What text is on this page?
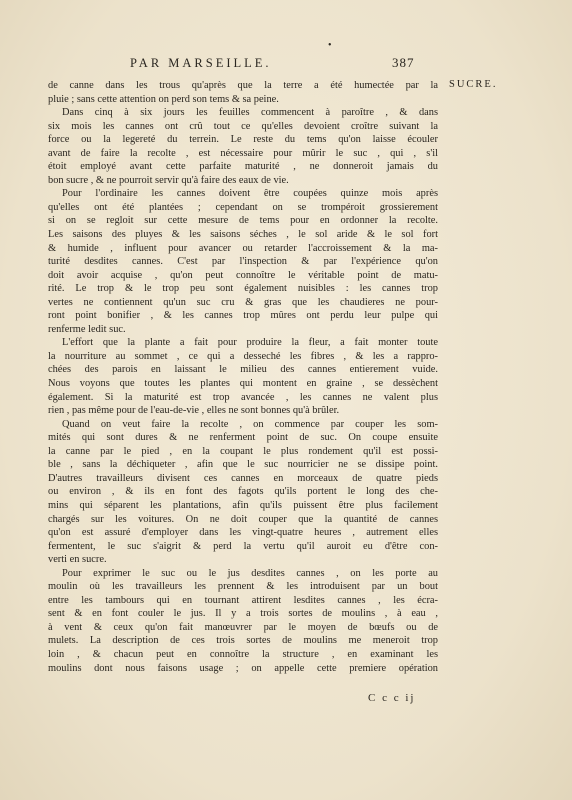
•
PAR MARSEILLE.	387
SUCRE.
de canne dans les trous qu'après que la terre a été humectée par la
pluie ; sans cette attention on perd son tems & sa peine.
Dans cinq à six jours les feuilles commencent à paroître , & dans
six mois les cannes ont crû tout ce qu'elles devoient croître suivant la
force ou la legereté du terrein. Le reste du tems qu'on laisse écouler
avant de faire la recolte , est nécessaire pour mûrir le suc , qui , s'il
étoit employé avant cette parfaite maturité , ne donneroit jamais du
bon sucre , & ne pourroit servir qu'à faire des eaux de vie.
Pour l'ordinaire les cannes doivent être coupées quinze mois après
qu'elles ont été plantées ; cependant on se trompéroit grossierement
si on se regloit sur cette mesure de tems pour en ordonner la recolte.
Les saisons des pluyes & les saisons séches , le sol aride & le sol fort
& humide , influent pour avancer ou retarder l'accroissement & la ma-
turité desdites cannes. C'est par l'inspection & par l'expérience qu'on
doit avoir acquise , qu'on peut connoître le véritable point de matu-
rité. Le trop & le trop peu sont également nuisibles : les cannes trop
vertes ne contiennent qu'un suc cru & gras que les chaudieres ne pour-
ront point bonifier , & les cannes trop mûres ont perdu leur pulpe qui
renferme ledit suc.
L'effort que la plante a fait pour produire la fleur, a fait monter toute
la nourriture au sommet , ce qui a desseché les fibres , & les a rappro-
chées des parois en laissant le milieu des cannes entierement vuide.
Nous voyons que toutes les plantes qui montent en graine , se dessèchent
également. Si la maturité est trop avancée , les cannes ne valent plus
rien , pas même pour de l'eau-de-vie , elles ne sont bonnes qu'à brûler.
Quand on veut faire la recolte , on commence par couper les som-
mités qui sont dures & ne renferment point de suc. On coupe ensuite
la canne par le pied , en la coupant le plus rondement qu'il est possi-
ble , sans la déchiqueter , afin que le suc nourricier ne se dissipe point.
D'autres travailleurs divisent ces cannes en morceaux de quatre pieds
ou environ , & ils en font des fagots qu'ils portent le long des che-
mins qui séparent les plantations, afin qu'ils puissent être plus facilement
chargés sur les voitures. On ne doit couper que la quantité de cannes
qu'on est assuré d'employer dans les vingt-quatre heures , autrement elles
fermentent, le suc s'aigrit & perd la vertu qu'il auroit eu d'être con-
verti en sucre.
Pour exprimer le suc ou le jus desdites cannes , on les porte au
moulin où les travailleurs les prennent & les introduisent par un bout
entre les tambours qui en tournant attirent lesdites cannes , les écra-
sent & en font couler le jus. Il y a trois sortes de moulins , à eau ,
à vent & ceux qu'on fait manœuvrer par le moyen de bœufs ou de
mulets. La description de ces trois sortes de moulins me meneroit trop
loin , & chacun peut en connoître la structure , en examinant les
moulins dont nous faisons usage ; on appelle cette premiere opération
C c c ij
